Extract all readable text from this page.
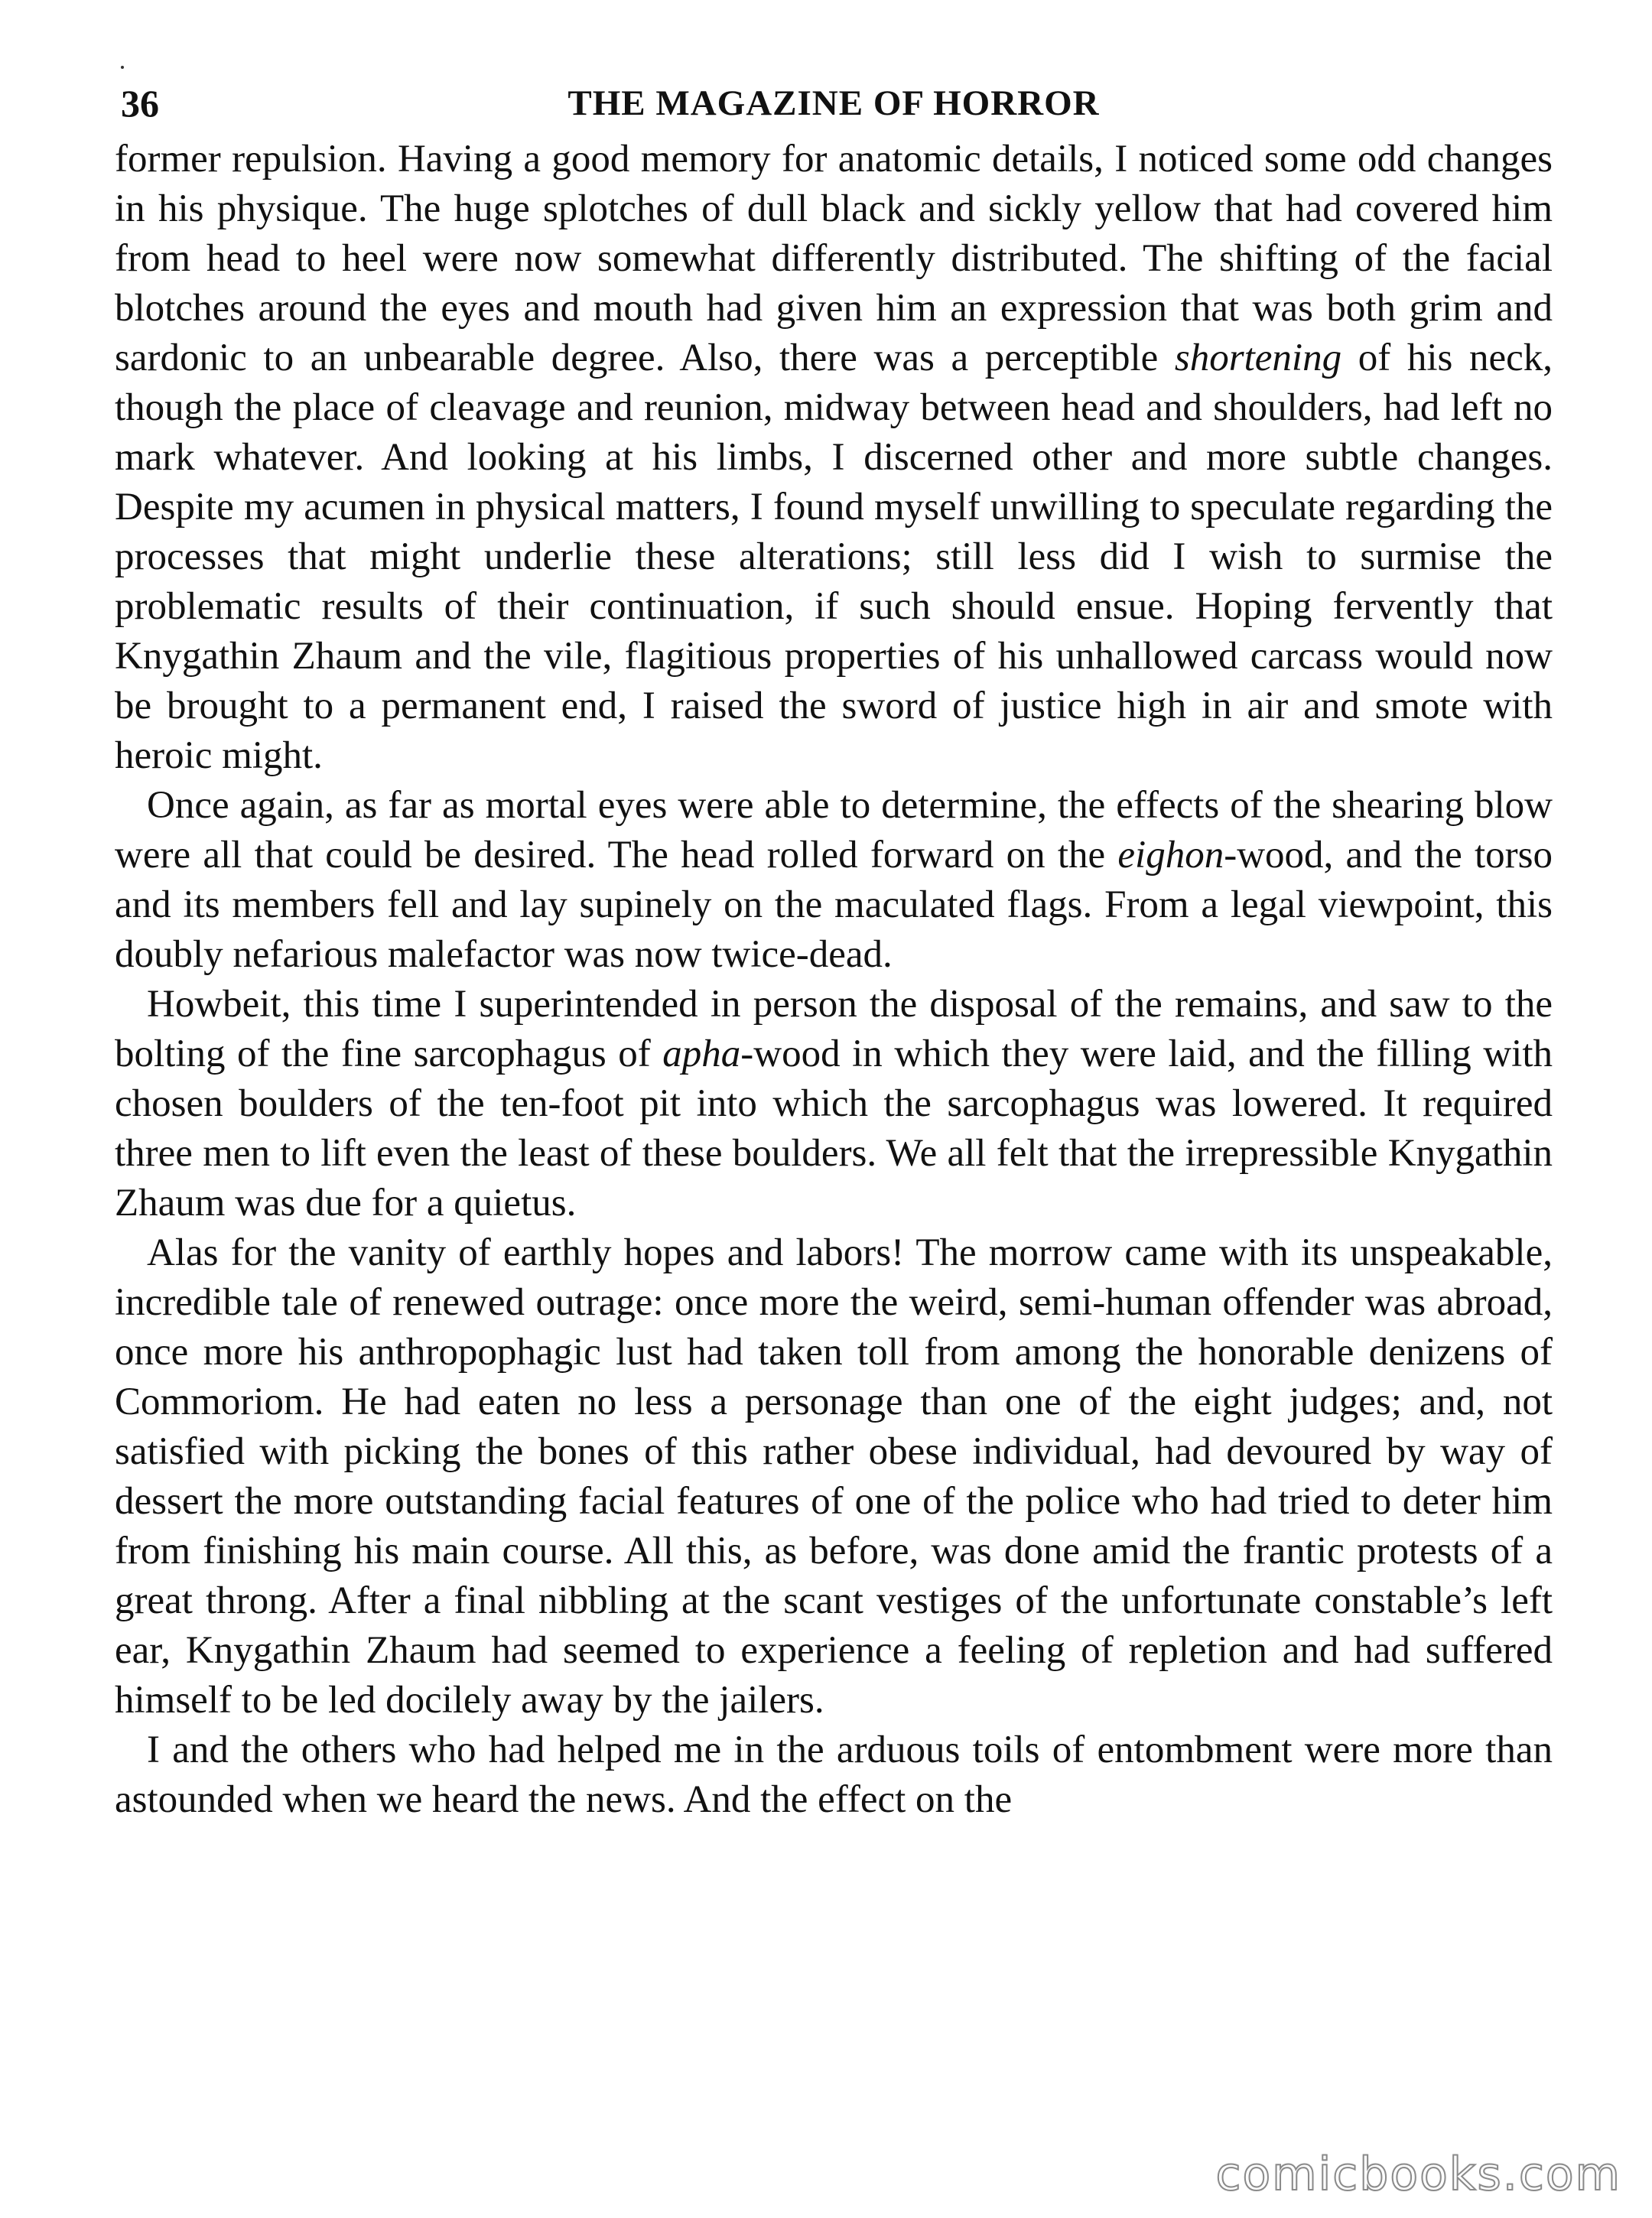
36	THE MAGAZINE OF HORROR

former repulsion. Having a good memory for anatomic details, I noticed some odd changes in his physique. The huge splotches of dull black and sickly yellow that had covered him from head to heel were now somewhat differently distributed. The shifting of the facial blotches around the eyes and mouth had given him an expression that was both grim and sardonic to an unbearable degree. Also, there was a perceptible shortening of his neck, though the place of cleavage and reunion, midway between head and shoulders, had left no mark whatever. And looking at his limbs, I discerned other and more subtle changes. Despite my acumen in physical matters, I found myself unwilling to speculate regarding the processes that might underlie these alterations; still less did I wish to surmise the problematic results of their continuation, if such should ensue. Hoping fervently that Knygathin Zhaum and the vile, flagitious properties of his unhallowed carcass would now be brought to a permanent end, I raised the sword of justice high in air and smote with heroic might.

Once again, as far as mortal eyes were able to determine, the effects of the shearing blow were all that could be desired. The head rolled forward on the eighon-wood, and the torso and its members fell and lay supinely on the maculated flags. From a legal viewpoint, this doubly nefarious malefactor was now twice-dead.

Howbeit, this time I superintended in person the disposal of the remains, and saw to the bolting of the fine sarcophagus of apha-wood in which they were laid, and the filling with chosen boulders of the ten-foot pit into which the sarcophagus was lowered. It required three men to lift even the least of these boulders. We all felt that the irrepressible Knygathin Zhaum was due for a quietus.

Alas for the vanity of earthly hopes and labors! The morrow came with its unspeakable, incredible tale of renewed outrage: once more the weird, semi-human offender was abroad, once more his anthropophagic lust had taken toll from among the honorable denizens of Commoriom. He had eaten no less a personage than one of the eight judges; and, not satisfied with picking the bones of this rather obese individual, had devoured by way of dessert the more outstanding facial features of one of the police who had tried to deter him from finishing his main course. All this, as before, was done amid the frantic protests of a great throng. After a final nibbling at the scant vestiges of the unfortunate constable’s left ear, Knygathin Zhaum had seemed to experience a feeling of repletion and had suffered himself to be led docilely away by the jailers.

I and the others who had helped me in the arduous toils of entombment were more than astounded when we heard the news. And the effect on the

comicbooks.com
